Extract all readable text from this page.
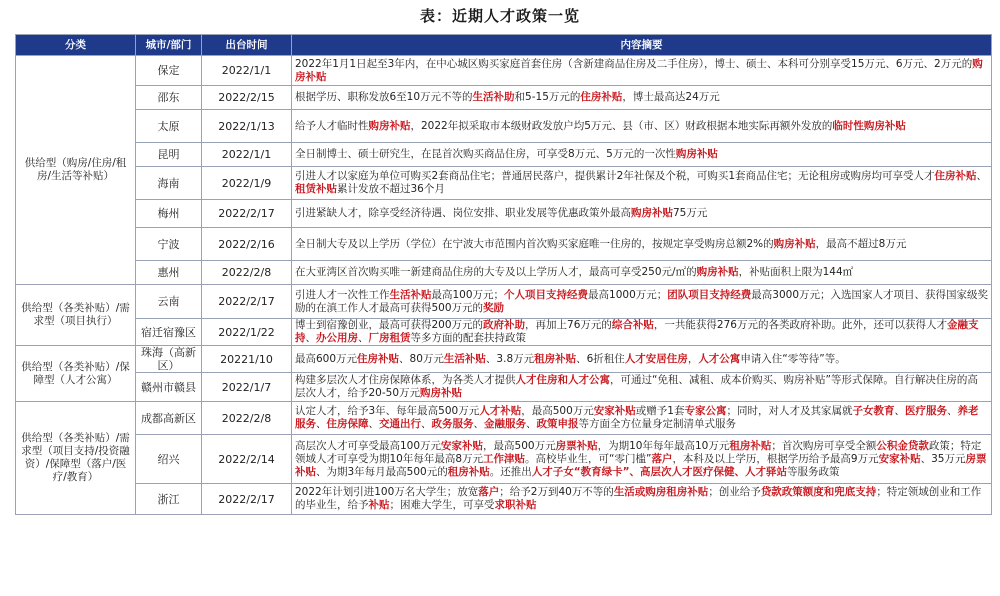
表：近期人才政策一览
分类	城市/部门	出台时间	内容摘要
供给型（购房/住房/租房/生活等补贴）	保定	2022/1/1	2022年1月1日起至3年内，在中心城区购买家庭首套住房（含新建商品住房及二手住房），博士、硕士、本科可分别享受15万元、6万元、2万元的购房补贴
	邵东	2022/2/15	根据学历、职称发放6至10万元不等的生活补助和5-15万元的住房补贴，博士最高达24万元
	太原	2022/1/13	给予人才临时性购房补贴，2022年拟采取市本级财政发放户均5万元、县（市、区）财政根据本地实际再额外发放的临时性购房补贴
	昆明	2022/1/1	全日制博士、硕士研究生，在昆首次购买商品住房，可享受8万元、5万元的一次性购房补贴
	海南	2022/1/9	引进人才以家庭为单位可购买2套商品住宅；普通居民落户，提供累计2年社保及个税，可购买1套商品住宅；无论租房或购房均可享受人才住房补贴、租赁补贴累计发放不超过36个月
	梅州	2022/2/17	引进紧缺人才，除享受经济待遇、岗位安排、职业发展等优惠政策外最高购房补贴75万元
	宁波	2022/2/16	全日制大专及以上学历（学位）在宁波大市范围内首次购买家庭唯一住房的，按规定享受购房总额2%的购房补贴，最高不超过8万元
	惠州	2022/2/8	在大亚湾区首次购买唯一新建商品住房的大专及以上学历人才，最高可享受250元/㎡的购房补贴，补贴面积上限为144㎡
供给型（各类补贴）/需求型（项目执行）	云南	2022/2/17	引进人才一次性工作生活补贴最高100万元；个人项目支持经费最高1000万元；团队项目支持经费最高3000万元；入选国家人才项目、获得国家级奖励的在滇工作人才最高可获得500万元的奖励
	宿迁宿豫区	2022/1/22	博士到宿豫创业，最高可获得200万元的政府补助，再加上76万元的综合补贴，一共能获得276万元的各类政府补助。此外，还可以获得人才金融支持、办公用房、厂房租赁等多方面的配套扶持政策
供给型（各类补贴）/保障型（人才公寓）	珠海（高新区）	20221/10	最高600万元住房补贴、80万元生活补贴、3.8万元租房补贴、6折租住人才安居住房，人才公寓申请入住“零等待”等。
	赣州市赣县	2022/1/7	构建多层次人才住房保障体系，为各类人才提供人才住房和人才公寓，可通过“免租、减租、成本价购买、购房补贴”等形式保障。自行解决住房的高层次人才，给予20-50万元购房补贴
供给型（各类补贴）/需求型（项目支持/投资融资）/保障型（落户/医疗/教育）	成都高新区	2022/2/8	认定人才，给予3年、每年最高500万元人才补贴，最高500万元安家补贴或赠予1套专家公寓；同时，对人才及其家属就子女教育、医疗服务、养老服务、住房保障、交通出行、政务服务、金融服务、政策申报等方面全方位量身定制清单式服务
	绍兴	2022/2/14	高层次人才可享受最高100万元安家补贴，最高500万元房票补贴，为期10年每年最高10万元租房补贴；首次购房可享受全额公积金贷款政策；特定领域人才可享受为期10年每年最高8万元工作津贴。高校毕业生，可“零门槛”落户，本科及以上学历，根据学历给予最高9万元安家补贴、35万元房票补贴、为期3年每月最高500元的租房补贴。还推出人才子女“教育绿卡”、高层次人才医疗保健、人才驿站等服务政策
	浙江	2022/2/17	2022年计划引进100万名大学生；放宽落户；给予2万到40万不等的生活或购房租房补贴；创业给予贷款政策额度和兜底支持；特定领域创业和工作的毕业生，给予补贴；困难大学生，可享受求职补贴
